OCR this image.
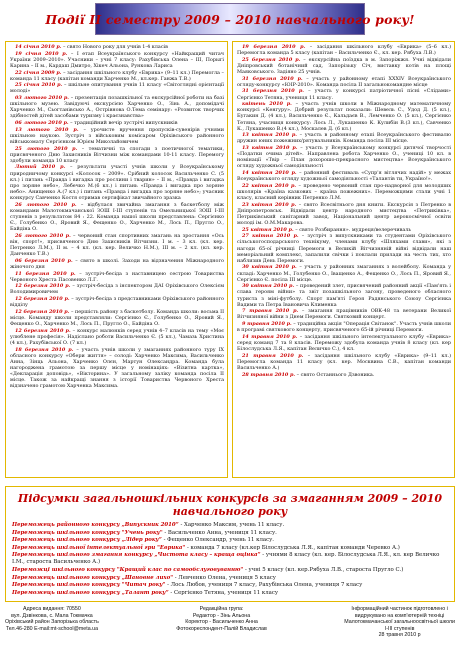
Події ІІ семестру 2009 – 2010 навчального року!

14 січня 2010 р. – свято Нового року для учнів 1-4 класів

19 січня 2010 р. – І етап Всеукраїнського конкурсу «Найкращий читач України 2009–2010». Учасники – учні 7 класу: Рахубівська Олена – ІІІ, Порыгі Карина – ІІ м., Кардаш Дмитро, Хікеч Альона, Рункова Лариса

22 січня 2009 р. – засідання шкільного клубу «Еврика» (9–11 кл.) Перемогла – команда 11 класу (капітан команди Харченко М., кл.кер. Ганжа Т.В.)

25 січня 2010 р. – шкільне опитування учнів 11 класу «Світоглядні орієнтації молоді»

03 лютого 2010 р. – презентація позашкільної та екскурсійної роботи на базі шкільного музею. Завідуючі екскурсією Харченко О., Зінь А., допомідачі Харченко М., Сьогтанівсько А., Острівнова О.Тема семінару: «Розвиток творчих здібностей дітей засобами туризму і краєзнавства»

06 лютого 2010 р. – традиційний вечір зустрічі випускників

13 лютого 2010 р. – урочисте вручення пропусків-сувенірів учнями шкільною наукою. Зустріч з військовим комісаром Оріхівського районного військкомату Сергієнком Юрієм Миколайовичем

25 лютого 2010 р. – тематичні та спогади з поетичногої тематики, присвяченого Дню Захисників Вітчизни між командами 10-11 класу. Перемогу здобули команда 10 класу

Лютий 2010 р. – результати участі учнів школи у Всеукраїнському природничому конкурсі «Колосок – 2009». Срібний колосок Васильченко С. (5 кл.) і питань «Правда і вигадка про рослини і тварин» – ІІ м., «Правда і вигадка про зоряне небо», Лебечко М.(6 кл.) і питань «Правда і вигадка про зоряне небо». Анищенко А.(7 кл.) і питань «Правда і вигадка про зоряне небо»; учасник конкурсу Савченко Костя отримав сертифікат звичайного зразка

26 лютого 2010 р. – відбулася звичайна змагання з баскетболу між командами Малотокмачанської ЗОШ І-ІІІ ступенів та Омельницької ЗОШ І-ІІІ ступенів з результатом 84 : 22. Команда нашої школи представлена: Сергієнко Є., Голубенко О., Яровий Я., Фещенко О., Харченко М., Лось П., Пругло О., Байдіна О.

26 лютого 2010 р. – червоний стан спортивних змагань на зростання «Ось він, спорт!», присвяченого Дню Захисників Вітчизни. І м. – 3 кл. (кл. кер. Петренко Л.М.), ІІ м. – 4 кл. (кл. кер. Величко Н.М.), ІІІ м. – 2 кл. (кл. кер. Данченко Т.В.)

06 березня 2010 р. – свято в школі. Заходи на відзначення Міжнародного жіночого дня

11 березня 2010 р. – зустріч-бесіда з наставницею сестрою Товариства Червоного Хреста Пасовенко Л.Г.

12 березня 2010 р. – зустріч-бесіда з інспектором ДАІ Оріхівського Олексієм Володимировичем

12 березня 2010 р. – зустріч-бесіда з представниками Оріхівського районного відділу

12 березня 2010 р. – першість району з баскетболу. Команда школи: восьма ІІ місце. Команду школи представляли: Сергієнко Є., Голубенко О., Яровий Я., Фещенко О., Харченко М., Лось П., Пругло О., Байдіна О.

12 березня 2010 р. – конкурс малюнків серед учнів 4–7 класів на тему «Моє улюблене професія». Надіслано роботи Васильченко Є. (5 кл.), Чамазь Христина (4 кл.), Рахубівської О. (7 кл.)

18 березня 2010 р. – участь учнів школи у змаганнях районного туру ІХ обласного конкурсу «Обери життя» – солоді: Харченко Максима, Васильченко Анна, Зінць Альона, Харченко Олєн, Мартун Олександра. Команда була нагороджена грамотою за першу місце у номінаціях: «Візитна картка», «Декларація доповідь», «Вікторина». У загальному заліку команда посіла ІІ місце. Також за найкращі знання з історії Товариства Червоного Хреста відзначено грамотою Харченка Максима.

19 березня 2010 р. – засідання шкільного клубу «Еврика» (5–6 кл.) Перемогла команда 5 класу (капітан – Васильченко Є., кл. кер. Рябуха Л.В.)

25 березня 2010 р. – екскурсійна поїздка в м. Запоріжжя. Учні відвідали Дніпровський ботанічний сад, Запорізьку Січ, виставку котів на площі Маяковського. Задіяно 25 учнів.

31 березня 2010 р. – участь у районному етапі ХХХІV Всеукраїнського огляду-конкурсу «ЮІР-2010». Команда посіла ІІ загальнокомандне місце

31 березня 2010 р. – участь у конкурсі патріотичної пісні «Слідами» Сергієнко Тетяна, учениця 11 класу.

квітень 2010 р. – участь учнів школи в Міжнародному математичному конкурсі «Кенгуру». Добрий результат показали: Шевель С., Удод Д. (5 кл.), Бугакин Д. (4 кл.), Васильченко Є., Кальдаєв В., Лемченко О. (5 кл.), Сергієнко Тетяна, учасниця конкурсу: Лось Л., Лукашенко К. Кулибін В.(3 кл.), Савченко К., Лукашенко В.(4 кл.), Москалев Д. (6 кл.)

13 квітня 2010 р. – участь в районному етапі Всеукраїнського фестивалю дружин юних пожежних/рятувальників. Команда посіла ІІІ місце.

13 квітня 2010 р. – участь у Всеукраїнському конкурсі дитячої творчості «Податки очима дітей». Направлена робота Харченко О., учениці 10 кл. в номінації «Твір – План дохорошо-прекрасного мистецтва» Всеукраїнського огляду художньої самодіяльності

14 квітня 2010 р. – районний фестиваль «Супр'я вітлячих надій» у межах Всеукраїнського огляду художньої самодіяльності «Талантів ти, Україно!».

22 квітня 2010 р. – проведено червоний стан про-надворної для молодших школярів «Країна казкових – країна пожежних». Переможцями стали учні 1 класу, класний керівник Петренко Л.М.

23 квітня 2010 р. – свято Всесвітнього дня книги. Екскурсія з Петренко в Дніпропетровськ. Відвідали центр народного мистецтва «Петриківка», Петриківський санітарний завод, Національний центр аерокосмічної освіти молоді ім. О.М.Макарова.

25 квітня 2010 р. – свято Розбирання». мудреця/велеречиваль

27 квітня 2010 р. – зустріч з випускниками та студентами Оріхівського сільськогосподарського технікуму, членами клубу «Шляхами слави», які з нагоди 65-ої річниці Перемоги в Великій Вітчизняній війні відвідали наш меморіальний комплекс, запалили свічки і поклали прилади на честь тих, хто наблизив День Перемоги.

30 квітня 2010 р. – участь у районних змаганнях з волейболу. Команда у складі: Харченко М., Голубенко О., Іващенко А., Фещенко О., Лось П., Яровий Я., Сергієнко Є. посіла ІІІ місце.

30 квітня 2010 р. – проведений злет, присвячений районний акції «Пам'ять і слава героям війни» та звіт позашкільного загону, проведеного обласного туриста з міні-футболу. Спорт пам'яті Героя Радянського Союзу Сергієнка Вадими та Петра Івановича Клименка

7 травня 2010 р. – змагання працівників ОВК-48 та ветерани Великої Вітчизняної війни з Днем Перемоги. Святковий концерт.

9 травня 2010 р. – традиційна акція "Операція Світанок". Участь учнів школи в програмі святкового концерту, присвяченого 65-ій річниці Перемоги.

14 травня 2010 р. – засідання шкільного інтелектуального клубу «Еврика» серед команд 7 та 8 класів. Переможу здобула команда учнів 8 класу (кл. кер Білослудська Л.Я., капітан Величко С.), 4 кл.

21 травня 2010 р. – засідання шкільного клубу «Еврика» (9–11 кл.) Перемогла команда 11 класу (кл. кер. Москвина С.В., капітан команди Васильченко А.)

28 травня 2010 р. – свято Останнього Дзвоника.

Підсумки загальношкільних конкурсів за змаганням 2009 – 2010 навчального року
Переможець районного конкурсу „Випускник 2010” - Харченко Максим, учень 11 класу.
Переможець шкільного конкурсу "Учень року" - Васильченко Анна, учениця 11 класу.
Переможець шкільного конкурсу „Лідер року” - Фещенко Олександр, учень 11 класу.
Переможець шкільної інтелектуальної гри "Еврика" - команда 7 класу (кл.кер Білослудська Л.Я., капітан команди Черевко А.)
Переможець шкільного змагання конкурсу „Чистота класу – краща оцінка” - учнями 8 класу (кл. кер. Білослудська Л.Я., кл. кер Величко І.М., староста Васильченко А.)
Переможці шкільного конкурсу "Кращий клас по самообслуговуванню" - учні 5 класу (кл. кер.Рябуха Л.В., староста Пругло С.)
Переможець шкільного конкурсу „Шановне лихо" - Левченко Олена, учениця 5 класу
Переможець шкільного конкурсу "Читач року" - Лось Любов, учениця 7 класу, Рахубівська Олена, учениця 7 класу
Переможець шкільного конкурсу „Талант року” - Сергієнко Тетяна, учениця 11 класу
Адреса видання: 70550
вул. Дзвінкова, с. Мала Токмачка
Оріхівський район Запорізька область
Тел.46-280 E-mail:mt-school@meta.ua
Редакційна група:
Редактор - Зінь Альона
Коректор - Васильченко Анна
Фотокореспондент-Палій Владислав
Інформаційний частинок підготовлено і
видрукувано на комп'ютерній техніці
Малотокмачанської загальноосвітньої школи
І-ІІІ ступенів
28 травня 2010 р
